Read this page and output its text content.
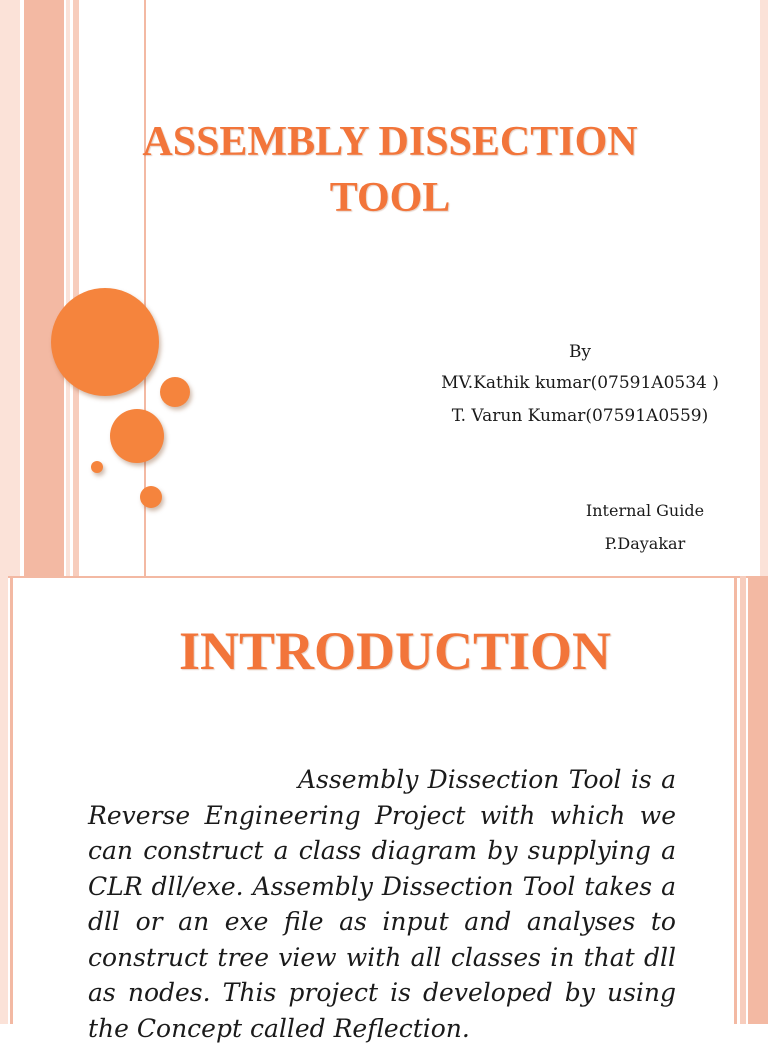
ASSEMBLY DISSECTION TOOL
By
MV.Kathik kumar(07591A0534 )
T. Varun Kumar(07591A0559)
Internal Guide
P.Dayakar
INTRODUCTION
Assembly Dissection Tool is a Reverse Engineering Project with which we can construct a class diagram by supplying a CLR dll/exe. Assembly Dissection Tool takes a dll or an exe file as input and analyses to construct tree view with all classes in that dll as nodes. This project is developed by using the Concept called Reflection.
